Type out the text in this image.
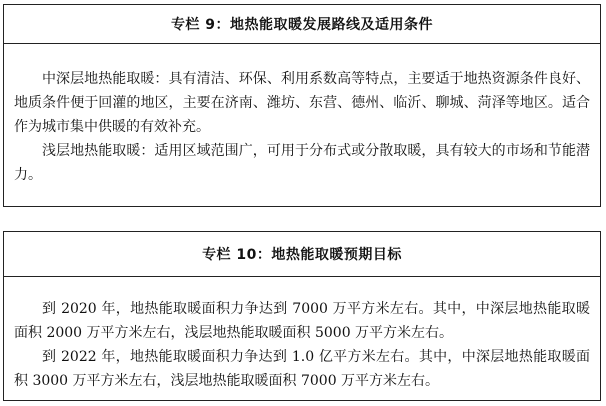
专栏 9：地热能取暖发展路线及适用条件

中深层地热能取暖：具有清洁、环保、利用系数高等特点，主要适于地热资源条件良好、地质条件便于回灌的地区，主要在济南、潍坊、东营、德州、临沂、聊城、菏泽等地区。适合作为城市集中供暖的有效补充。

浅层地热能取暖：适用区域范围广，可用于分布式或分散取暖，具有较大的市场和节能潜力。

专栏 10：地热能取暖预期目标

到 2020 年，地热能取暖面积力争达到 7000 万平方米左右。其中，中深层地热能取暖面积 2000 万平方米左右，浅层地热能取暖面积 5000 万平方米左右。

到 2022 年，地热能取暖面积力争达到 1.0 亿平方米左右。其中，中深层地热能取暖面积 3000 万平方米左右，浅层地热能取暖面积 7000 万平方米左右。
